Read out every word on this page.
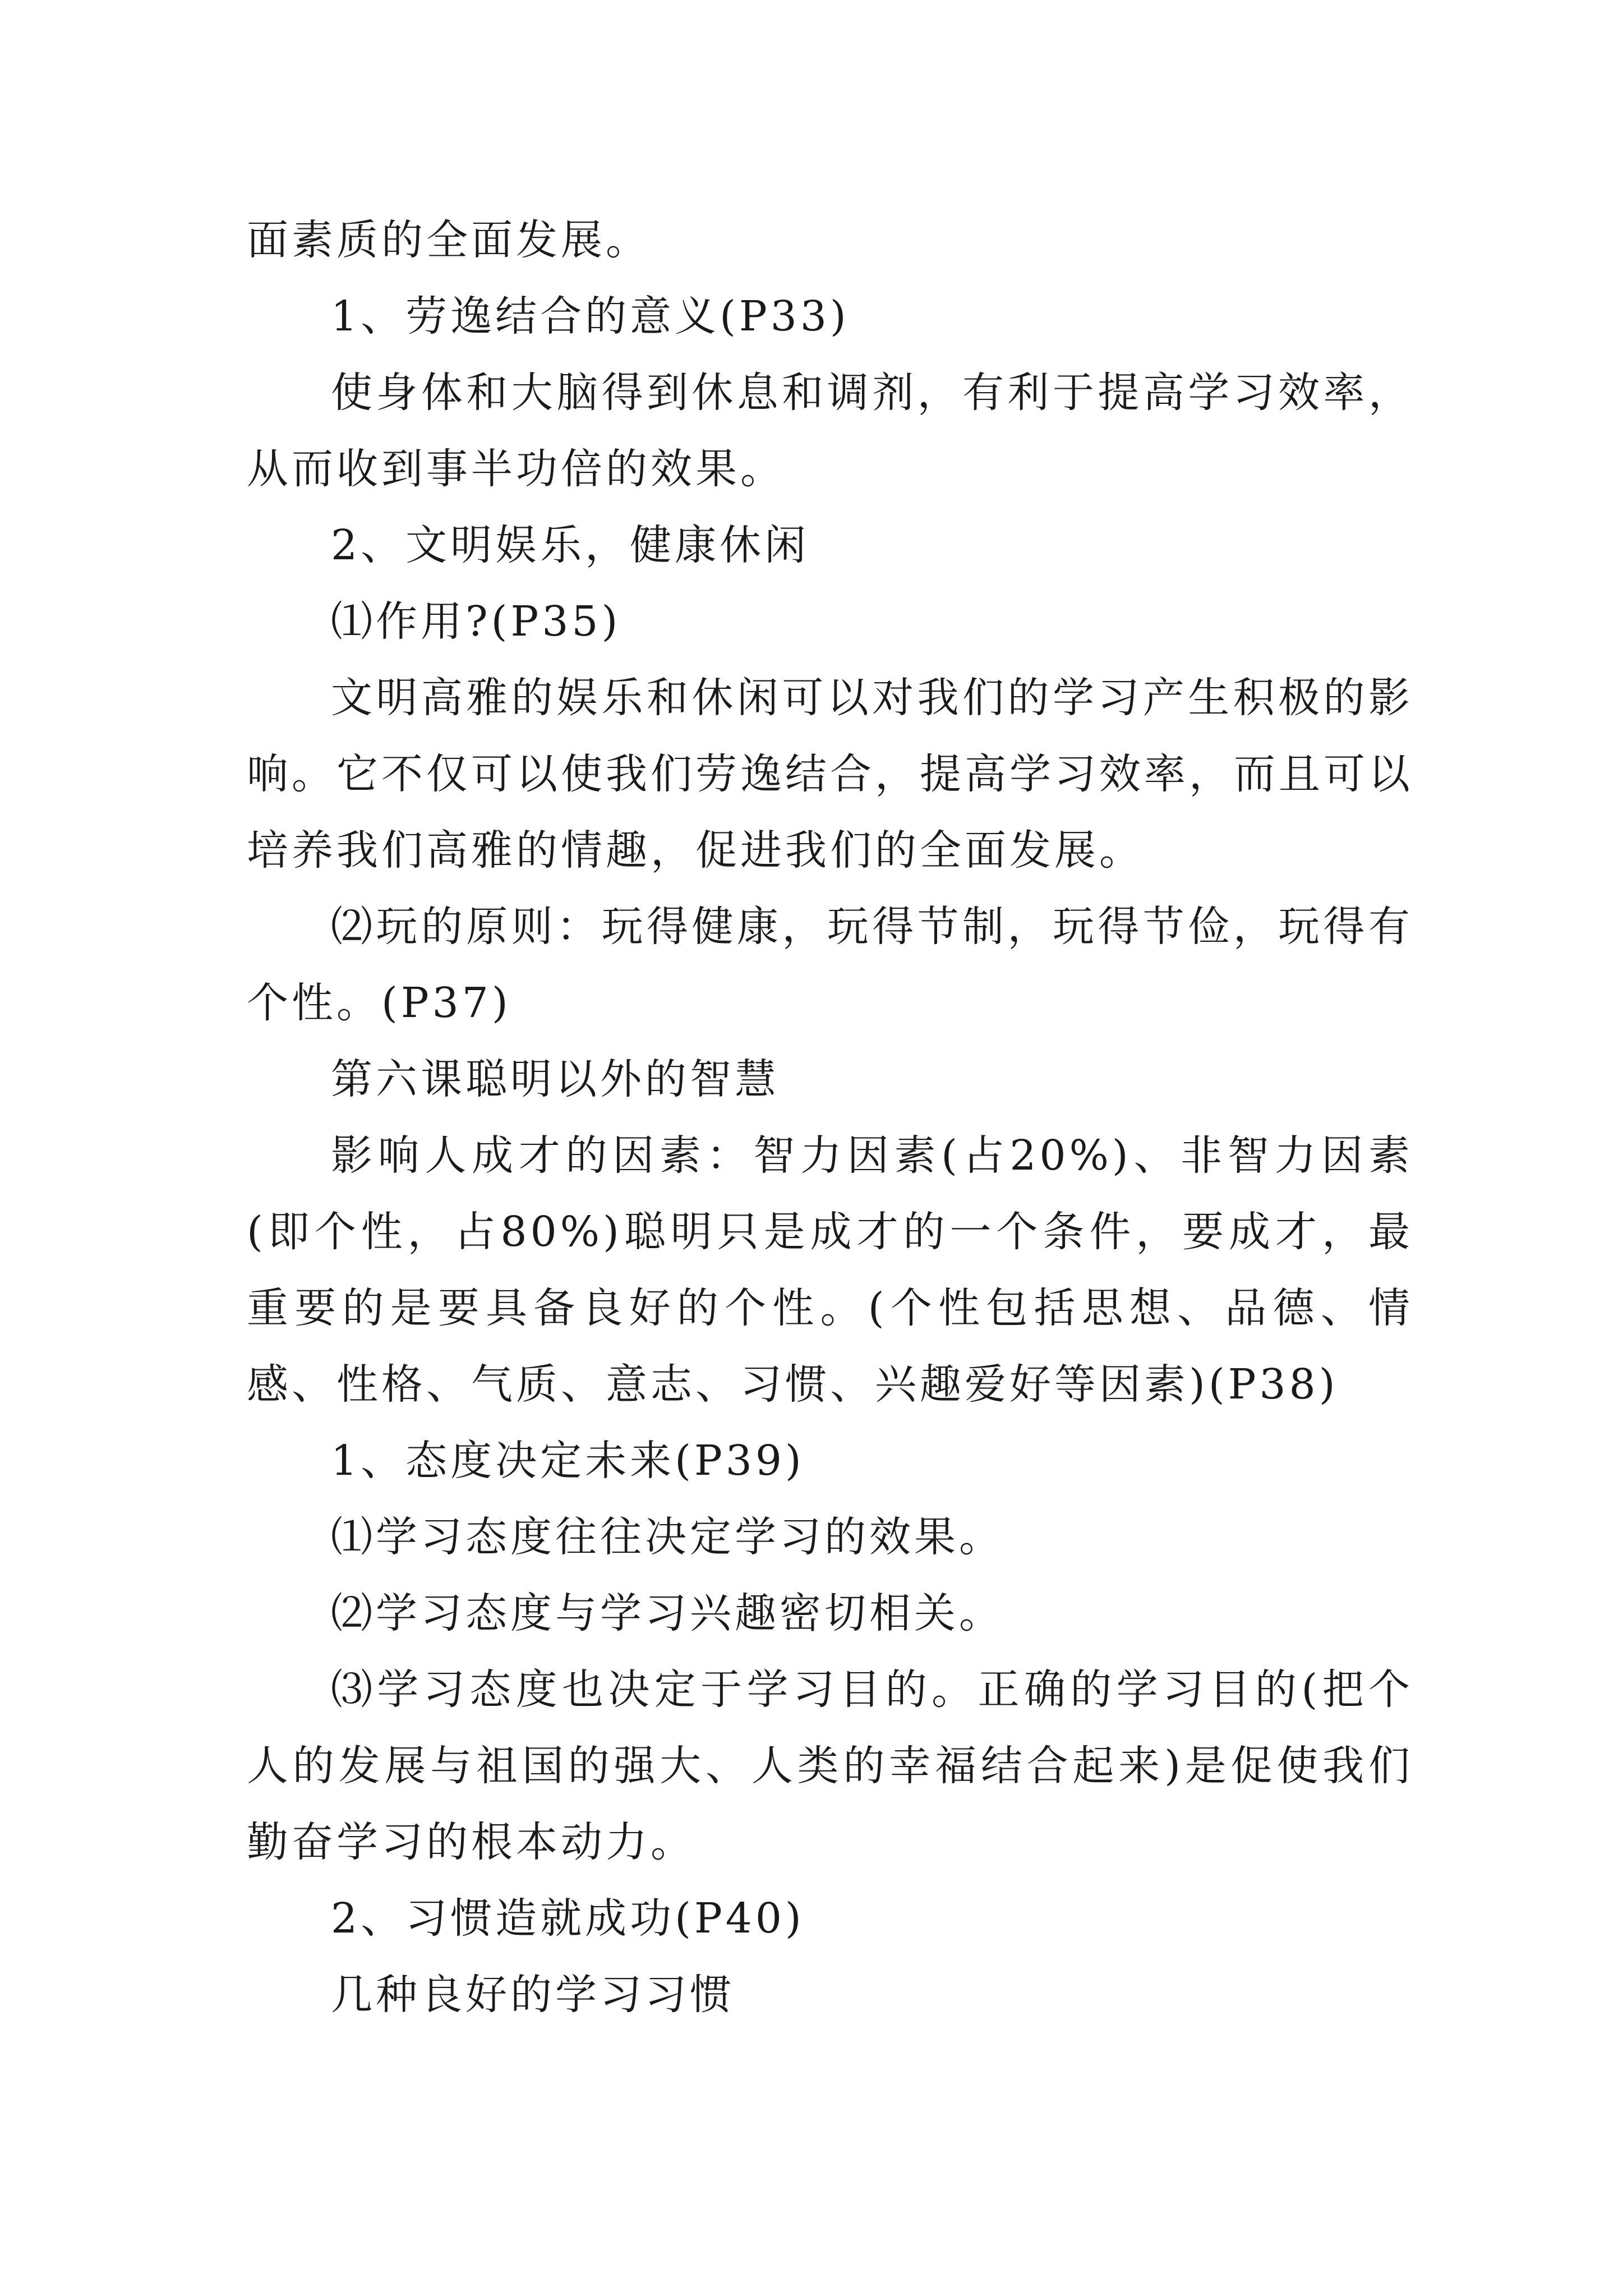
面素质的全面发展。

1、劳逸结合的意义(P33)

使身体和大脑得到休息和调剂，有利于提高学习效率，从而收到事半功倍的效果。

2、文明娱乐，健康休闲

⑴作用?(P35)

文明高雅的娱乐和休闲可以对我们的学习产生积极的影响。它不仅可以使我们劳逸结合，提高学习效率，而且可以培养我们高雅的情趣，促进我们的全面发展。

⑵玩的原则：玩得健康，玩得节制，玩得节俭，玩得有个性。(P37)

第六课聪明以外的智慧

影响人成才的因素：智力因素(占20%)、非智力因素(即个性，占80%)聪明只是成才的一个条件，要成才，最重要的是要具备良好的个性。(个性包括思想、品德、情感、性格、气质、意志、习惯、兴趣爱好等因素)(P38)

1、态度决定未来(P39)

⑴学习态度往往决定学习的效果。

⑵学习态度与学习兴趣密切相关。

⑶学习态度也决定于学习目的。正确的学习目的(把个人的发展与祖国的强大、人类的幸福结合起来)是促使我们勤奋学习的根本动力。

2、习惯造就成功(P40)

几种良好的学习习惯
